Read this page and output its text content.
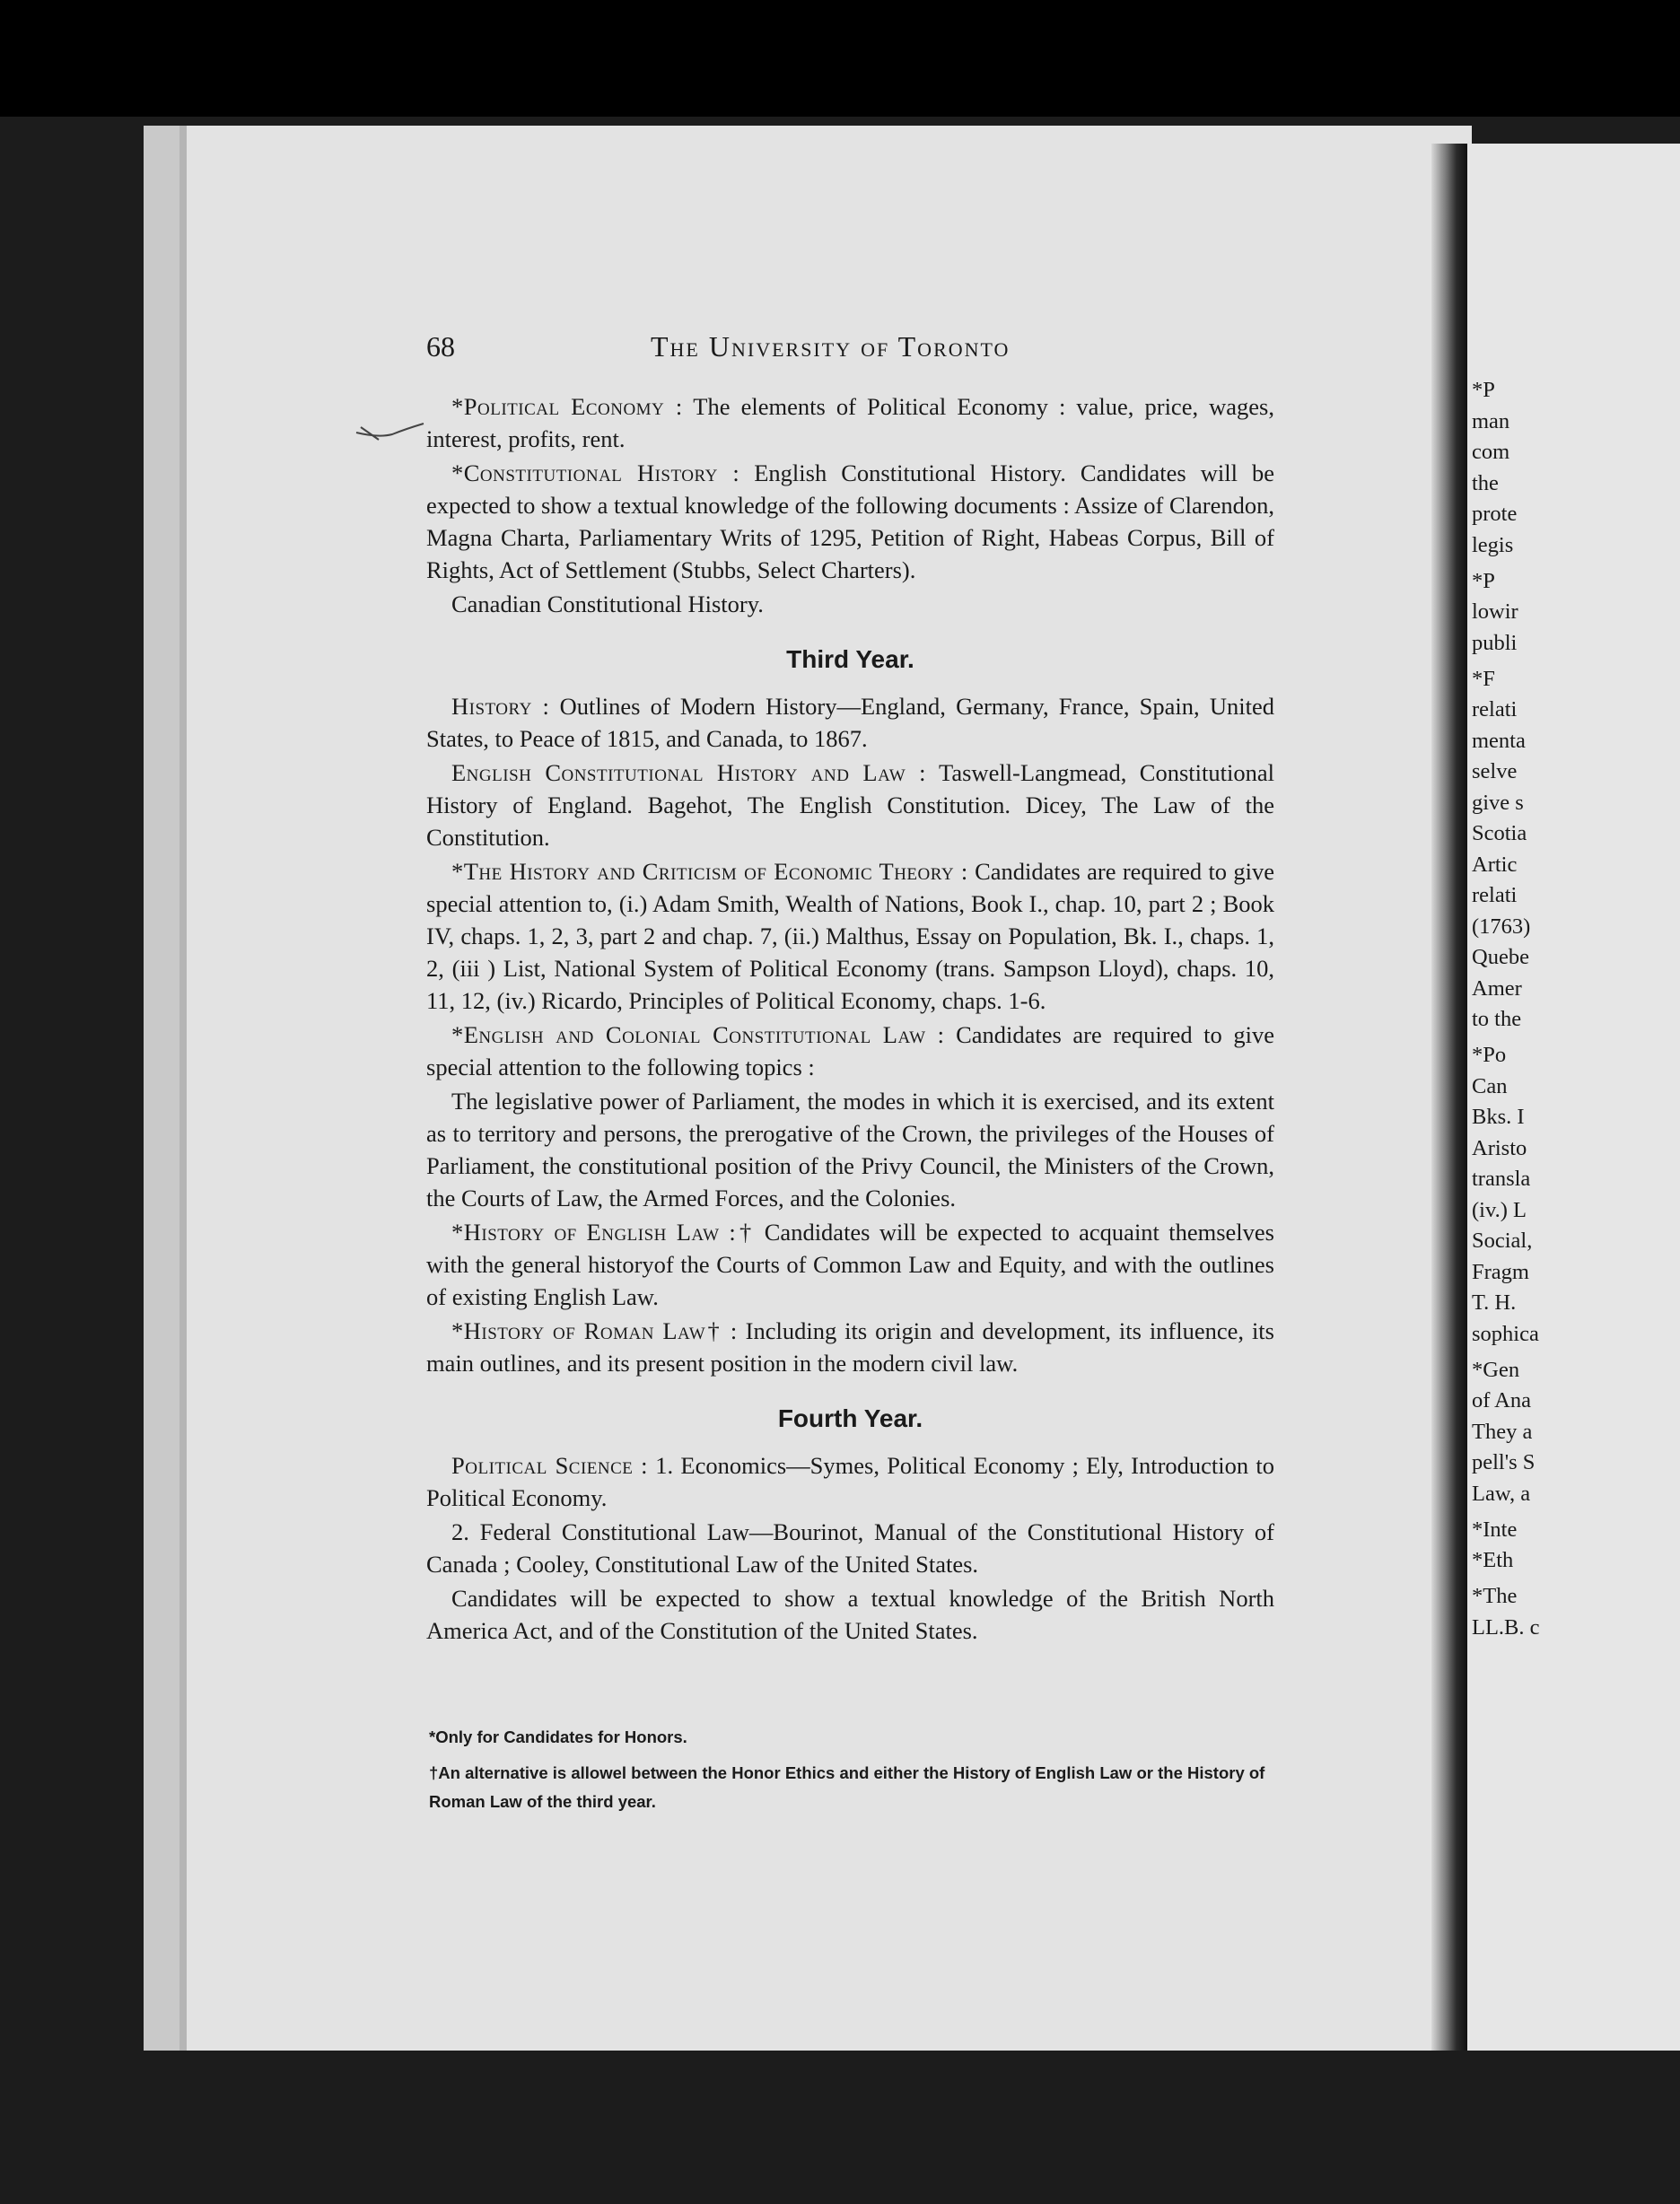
68	The University of Toronto

*Political Economy : The elements of Political Economy : value, price, wages, interest, profits, rent.

*Constitutional History : English Constitutional History. Candidates will be expected to show a textual knowledge of the following documents : Assize of Clarendon, Magna Charta, Parliamentary Writs of 1295, Petition of Right, Habeas Corpus, Bill of Rights, Act of Settlement (Stubbs, Select Charters).

Canadian Constitutional History.

Third Year.

History : Outlines of Modern History—England, Germany, France, Spain, United States, to Peace of 1815, and Canada, to 1867.

English Constitutional History and Law : Taswell-Langmead, Constitutional History of England. Bagehot, The English Constitution. Dicey, The Law of the Constitution.

*The History and Criticism of Economic Theory : Candidates are required to give special attention to, (i.) Adam Smith, Wealth of Nations, Book I., chap. 10, part 2 ; Book IV, chaps. 1, 2, 3, part 2 and chap. 7, (ii.) Malthus, Essay on Population, Bk. I., chaps. 1, 2, (iii ) List, National System of Political Economy (trans. Sampson Lloyd), chaps. 10, 11, 12, (iv.) Ricardo, Principles of Political Economy, chaps. 1-6.

*English and Colonial Constitutional Law : Candidates are required to give special attention to the following topics :

The legislative power of Parliament, the modes in which it is exercised, and its extent as to territory and persons, the prerogative of the Crown, the privileges of the Houses of Parliament, the constitutional position of the Privy Council, the Ministers of the Crown, the Courts of Law, the Armed Forces, and the Colonies.

*History of English Law :† Candidates will be expected to acquaint themselves with the general historyof the Courts of Common Law and Equity, and with the outlines of existing English Law.

*History of Roman Law† : Including its origin and development, its influence, its main outlines, and its present position in the modern civil law.

Fourth Year.

Political Science : 1. Economics—Symes, Political Economy ; Ely, Introduction to Political Economy.

2. Federal Constitutional Law—Bourinot, Manual of the Constitutional History of Canada ; Cooley, Constitutional Law of the United States.

Candidates will be expected to show a textual knowledge of the British North America Act, and of the Constitution of the United States.

*Only for Candidates for Honors.
†An alternative is allowel between the Honor Ethics and either the History of English Law or the History of Roman Law of the third year.
*P
man
com
the
prote
legis
*P
lowir
publi
*F
relati
menta
selve
give s
Scotia
Artic
relati
(1763)
Quebe
Amer
to the
*Po
Can
Bks. I
Aristo
transla
(iv.) L
Social,
Fragm
T. H.
sophica
*Gen
of Ana
They a
pell's S
Law, a
*Inte
*Eth
*The
LL.B. c
